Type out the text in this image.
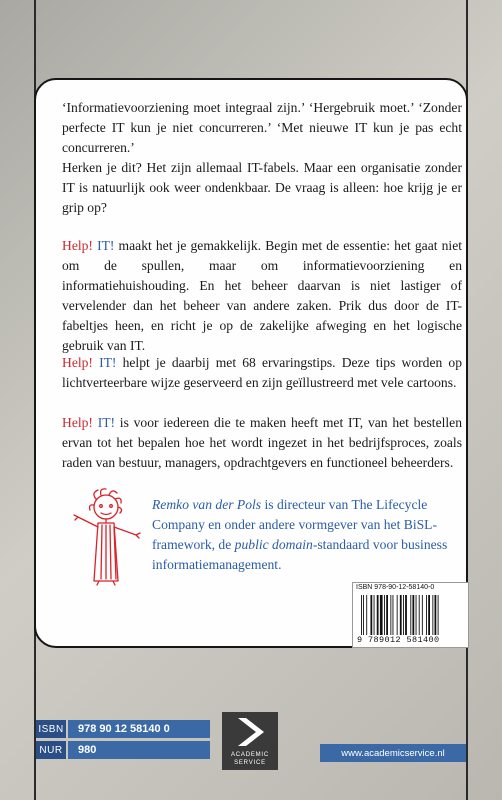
‘Informatievoorziening moet integraal zijn.’ ‘Hergebruik moet.’ ‘Zonder perfecte IT kun je niet concurreren.’ ‘Met nieuwe IT kun je pas echt concurreren.’
Herken je dit? Het zijn allemaal IT-fabels. Maar een organisatie zonder IT is natuurlijk ook weer ondenkbaar. De vraag is alleen: hoe krijg je er grip op?
Help! IT! maakt het je gemakkelijk. Begin met de essentie: het gaat niet om de spullen, maar om informatievoorziening en informatiehuishouding. En het beheer daarvan is niet lastiger of vervelender dan het beheer van andere zaken. Prik dus door de IT-fabeltjes heen, en richt je op de zakelijke afweging en het logische gebruik van IT.
Help! IT! helpt je daarbij met 68 ervaringstips. Deze tips worden op lichtverteerbare wijze geserveerd en zijn geïllustreerd met vele cartoons.
Help! IT! is voor iedereen die te maken heeft met IT, van het bestellen ervan tot het bepalen hoe het wordt ingezet in het bedrijfsproces, zoals raden van bestuur, managers, opdrachtgevers en functioneel beheerders.
Remko van der Pols is directeur van The Lifecycle Company en onder andere vormgever van het BiSL-framework, de public domain-standaard voor business informatiemanagement.
ISBN 978-90-12-58140-0
9 789012 581400
ISBN	978 90 12 58140 0
NUR	980	ACADEMIC
SERVICE
www.academicservice.nl
